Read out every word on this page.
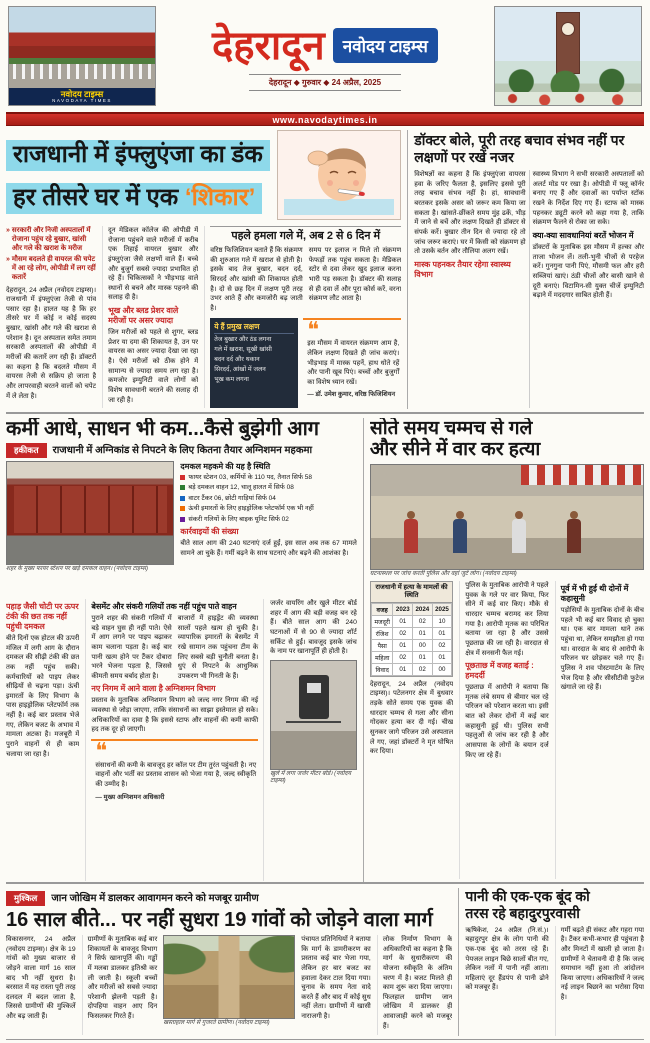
नवोदय टाइम्स
NAVODAYA TIMES
देहरादून	नवोदय टाइम्स
देहरादून ◆ गुरुवार ◆ 24 अप्रैल, 2025
www.navodaytimes.in
राजधानी में इंफ्लुएंजा का डंक
हर तीसरे घर में एक ‘शिकार’
» सरकारी और निजी अस्पतालों में रोजाना पहुंच रहे बुखार, खांसी और गले की खराश के मरीज
» मौसम बदलते ही वायरल की चपेट में आ रहे लोग, ओपीडी में लग रहीं कतारें

देहरादून, 24 अप्रैल (नवोदय टाइम्स)। राजधानी में इंफ्लुएंजा तेजी से पांव पसार रहा है। हालत यह है कि हर तीसरे घर में कोई न कोई सदस्य बुखार, खांसी और गले की खराश से परेशान है। दून अस्पताल समेत तमाम सरकारी अस्पतालों की ओपीडी में मरीजों की कतारें लग रही हैं। डॉक्टरों का कहना है कि बदलते मौसम में वायरस तेजी से सक्रिय हो जाता है और लापरवाही बरतने वालों को चपेट में ले लेता है।

दून मेडिकल कॉलेज की ओपीडी में रोजाना पहुंचने वाले मरीजों में करीब एक तिहाई वायरल बुखार और इंफ्लुएंजा जैसे लक्षणों वाले हैं। बच्चे और बुजुर्ग सबसे ज्यादा प्रभावित हो रहे हैं। चिकित्सकों ने भीड़भाड़ वाले स्थानों से बचने और मास्क पहनने की सलाह दी है।

भूख और ब्लड प्रेशर वाले मरीजों पर असर ज्यादा

जिन मरीजों को पहले से शुगर, ब्लड प्रेशर या दमा की शिकायत है, उन पर वायरस का असर ज्यादा देखा जा रहा है। ऐसे मरीजों को ठीक होने में सामान्य से ज्यादा समय लग रहा है। कमजोर इम्युनिटी वाले लोगों को विशेष सावधानी बरतने की सलाह दी जा रही है।

पहले हमला गले में, अब 2 से 6 दिन में

वरिष्ठ फिजिशियन बताते हैं कि संक्रमण की शुरुआत गले में खराश से होती है। इसके बाद तेज बुखार, बदन दर्द, सिरदर्द और खांसी की शिकायत होती है। दो से छह दिन में लक्षण पूरी तरह उभर आते हैं और कमजोरी बढ़ जाती है।

समय पर इलाज न मिले तो संक्रमण फेफड़ों तक पहुंच सकता है। मेडिकल स्टोर से दवा लेकर खुद इलाज करना भारी पड़ सकता है। डॉक्टर की सलाह से ही दवा लें और पूरा कोर्स करें, वरना संक्रमण लौट आता है।

ये हैं प्रमुख लक्षण
तेज बुखार और ठंड लगना
गले में खराश, सूखी खांसी
बदन दर्द और थकान
सिरदर्द, आंखों में जलन
भूख कम लगना
❝

इस मौसम में वायरल संक्रमण आम है, लेकिन लक्षण दिखते ही जांच कराएं। भीड़भाड़ में मास्क पहनें, हाथ धोते रहें और पानी खूब पिएं। बच्चों और बुजुर्गों का विशेष ध्यान रखें।

— डॉ. उमेश कुमार, वरिष्ठ फिजिशियन
डॉक्टर बोले, पूरी तरह बचाव संभव नहीं पर लक्षणों पर रखें नजर

विशेषज्ञों का कहना है कि इंफ्लुएंजा वायरस हवा के जरिए फैलता है, इसलिए इससे पूरी तरह बचाव संभव नहीं है। हां, सावधानी बरतकर इसके असर को जरूर कम किया जा सकता है। खांसते-छींकते समय मुंह ढकें, भीड़ में जाने से बचें और लक्षण दिखते ही डॉक्टर से संपर्क करें। बुखार तीन दिन से ज्यादा रहे तो जांच जरूर कराएं। घर में किसी को संक्रमण हो तो उसके बर्तन और तौलिया अलग रखें।

मास्क पहनकर तैयार रहेगा स्वास्थ्य विभाग

स्वास्थ्य विभाग ने सभी सरकारी अस्पतालों को अलर्ट मोड पर रखा है। ओपीडी में फ्लू कॉर्नर बनाए गए हैं और दवाओं का पर्याप्त स्टॉक रखने के निर्देश दिए गए हैं। स्टाफ को मास्क पहनकर ड्यूटी करने को कहा गया है, ताकि संक्रमण फैलने से रोका जा सके।

क्या-क्या सावधानियां बरतें भोजन में

डॉक्टरों के मुताबिक इस मौसम में हल्का और ताजा भोजन लें। तली-भुनी चीजों से परहेज करें। गुनगुना पानी पिएं, मौसमी फल और हरी सब्जियां खाएं। ठंडी चीजों और बासी खाने से दूरी बनाएं। विटामिन-सी युक्त चीजें इम्युनिटी बढ़ाने में मददगार साबित होती हैं।

कर्मी आधे, साधन भी कम...कैसे बुझेगी आग
हकीकत	राजधानी में अग्निकांड से निपटने के लिए कितना तैयार अग्निशमन महकमा
शहर के मुख्य फायर स्टेशन पर खड़े दमकल वाहन। (नवोदय टाइम्स)
दमकल महकमे की यह है स्थिति
फायर स्टेशन 03, कर्मियों के 110 पद, तैनात सिर्फ 58
बड़े दमकल वाहन 12, चालू हालत में सिर्फ 08
वाटर टैंकर 06, छोटी गाड़ियां सिर्फ 04
ऊंची इमारतों के लिए हाइड्रोलिक प्लेटफॉर्म एक भी नहीं
संकरी गलियों के लिए बाइक यूनिट सिर्फ 02
कार्रवाइयों की संख्या

बीते साल आग की 240 घटनाएं दर्ज हुईं, इस साल अब तक 67 मामले सामने आ चुके हैं। गर्मी बढ़ने के साथ घटनाएं और बढ़ने की आशंका है।

पहाड़ जैसी चोटी पर ऊपर टंकी की छत तक नहीं पहुंची दमकल

बीते दिनों एक होटल की ऊपरी मंजिल में लगी आग के दौरान दमकल की सीढ़ी टंकी की छत तक नहीं पहुंच सकी। कर्मचारियों को पाइप लेकर सीढ़ियों से चढ़ना पड़ा। ऊंची इमारतों के लिए विभाग के पास हाइड्रोलिक प्लेटफॉर्म तक नहीं है। कई बार प्रस्ताव भेजे गए, लेकिन बजट के अभाव में मामला अटका है। मजबूरी में पुराने वाहनों से ही काम चलाया जा रहा है।

बेसमेंट और संकरी गलियों तक नहीं पहुंच पाते वाहन

पुराने शहर की संकरी गलियों में बड़े वाहन घुस ही नहीं पाते। ऐसे में आग लगने पर पाइप बढ़ाकर काम चलाना पड़ता है। कई बार पानी खत्म होने पर टैंकर दोबारा भरने भेजना पड़ता है, जिससे कीमती समय बर्बाद होता है।

बाजारों में हाइड्रेंट की व्यवस्था सालों पहले खत्म हो चुकी है। व्यापारिक इमारतों के बेसमेंट में रखे सामान तक पहुंचना टीम के लिए सबसे बड़ी चुनौती बनता है। धुएं से निपटने के आधुनिक उपकरण भी गिनती के हैं।

नए निगम में आने वाला है अग्निशमन विभाग

प्रस्ताव के मुताबिक अग्निशमन विभाग को जल्द नगर निगम की नई व्यवस्था से जोड़ा जाएगा, ताकि संसाधनों का साझा इस्तेमाल हो सके। अधिकारियों का दावा है कि इससे स्टाफ और वाहनों की कमी काफी हद तक दूर हो जाएगी।

❝

संसाधनों की कमी के बावजूद हर कॉल पर टीम तुरंत पहुंचती है। नए वाहनों और भर्ती का प्रस्ताव शासन को भेजा गया है, जल्द स्वीकृति की उम्मीद है।

— मुख्य अग्निशमन अधिकारी

जर्जर वायरिंग और खुले मीटर बोर्ड शहर में आग की बड़ी वजह बन रहे हैं। बीते साल आग की 240 घटनाओं में से 90 से ज्यादा शॉर्ट सर्किट से हुईं। बावजूद इसके जांच के नाम पर खानापूर्ति ही होती है।

खुले में लगा जर्जर मीटर बोर्ड। (नवोदय टाइम्स)
सोते समय चम्मच से गले
और सीने में वार कर हत्या
घटनास्थल पर जांच करती पुलिस और वहां जुटे लोग। (नवोदय टाइम्स)
राजधानी में हत्या के मामलों की स्थिति
वजह	2023	2024	2025
मजदूरी	01	02	10
रंजिश	02	01	01
पैसा	01	00	02
महिला	02	01	01
विवाद	01	02	00

देहरादून, 24 अप्रैल (नवोदय टाइम्स)। पटेलनगर क्षेत्र में बुधवार तड़के सोते समय एक युवक की धारदार चम्मच से गला और सीना गोदकर हत्या कर दी गई। चीख सुनकर जागे परिजन उसे अस्पताल ले गए, जहां डॉक्टरों ने मृत घोषित कर दिया।

पुलिस के मुताबिक आरोपी ने पहले युवक के गले पर वार किया, फिर सीने में कई वार किए। मौके से धारदार चम्मच बरामद कर लिया गया है। आरोपी मृतक का परिचित बताया जा रहा है और उससे पूछताछ की जा रही है। वारदात से क्षेत्र में सनसनी फैल गई।

पूछताछ में वजह बताई : हमदर्दी

पूछताछ में आरोपी ने बताया कि मृतक लंबे समय से बीमार चल रहे परिजन को परेशान करता था। इसी बात को लेकर दोनों में कई बार कहासुनी हुई थी। पुलिस सभी पहलुओं से जांच कर रही है और आसपास के लोगों के बयान दर्ज किए जा रहे हैं।

पूर्व में भी हुई थी दोनों में कहासुनी

पड़ोसियों के मुताबिक दोनों के बीच पहले भी कई बार विवाद हो चुका था। एक बार मामला थाने तक पहुंचा था, लेकिन समझौता हो गया था। वारदात के बाद से आरोपी के परिजन घर छोड़कर चले गए हैं। पुलिस ने शव पोस्टमार्टम के लिए भेज दिया है और सीसीटीवी फुटेज खंगाले जा रहे हैं।

मुश्किल	जान जोखिम में डालकर आवागमन करने को मजबूर ग्रामीण
16 साल बीते... पर नहीं सुधरा 19 गांवों को जोड़ने वाला मार्ग

विकासनगर, 24 अप्रैल (नवोदय टाइम्स)। क्षेत्र के 19 गांवों को मुख्य बाजार से जोड़ने वाला मार्ग 16 साल बाद भी नहीं सुधरा है। बरसात में यह रास्ता पूरी तरह दलदल में बदल जाता है, जिससे ग्रामीणों की मुश्किलें और बढ़ जाती हैं।

ग्रामीणों के मुताबिक कई बार शिकायतों के बावजूद विभाग ने सिर्फ खानापूर्ति की। गड्ढों में मलबा डालकर इतिश्री कर ली जाती है। स्कूली बच्चों और मरीजों को सबसे ज्यादा परेशानी झेलनी पड़ती है। दोपहिया वाहन आए दिन फिसलकर गिरते हैं।

खस्ताहाल मार्ग से गुजरते ग्रामीण। (नवोदय टाइम्स)

पंचायत प्रतिनिधियों ने बताया कि मार्ग के डामरीकरण का प्रस्ताव कई बार भेजा गया, लेकिन हर बार बजट का हवाला देकर टाल दिया गया। चुनाव के समय नेता वादे करते हैं और बाद में कोई सुध नहीं लेता। ग्रामीणों में खासी नाराजगी है।

लोक निर्माण विभाग के अधिकारियों का कहना है कि मार्ग के सुधारीकरण की योजना स्वीकृति के अंतिम चरण में है। बजट मिलते ही काम शुरू करा दिया जाएगा। फिलहाल ग्रामीण जान जोखिम में डालकर ही आवाजाही करने को मजबूर हैं।

पानी की एक-एक बूंद को
तरस रहे बहादुरपुरवासी

ऋषिकेश, 24 अप्रैल (नि.सं.)। बहादुरपुर क्षेत्र के लोग पानी की एक-एक बूंद को तरस रहे हैं। पेयजल लाइन बिछे सालों बीत गए, लेकिन नलों में पानी नहीं आता। महिलाएं दूर हैंडपंप से पानी ढोने को मजबूर हैं।

गर्मी बढ़ते ही संकट और गहरा गया है। टैंकर कभी-कभार ही पहुंचता है और मिनटों में खाली हो जाता है। ग्रामीणों ने चेतावनी दी है कि जल्द समाधान नहीं हुआ तो आंदोलन किया जाएगा। अधिकारियों ने जल्द नई लाइन बिछाने का भरोसा दिया है।
